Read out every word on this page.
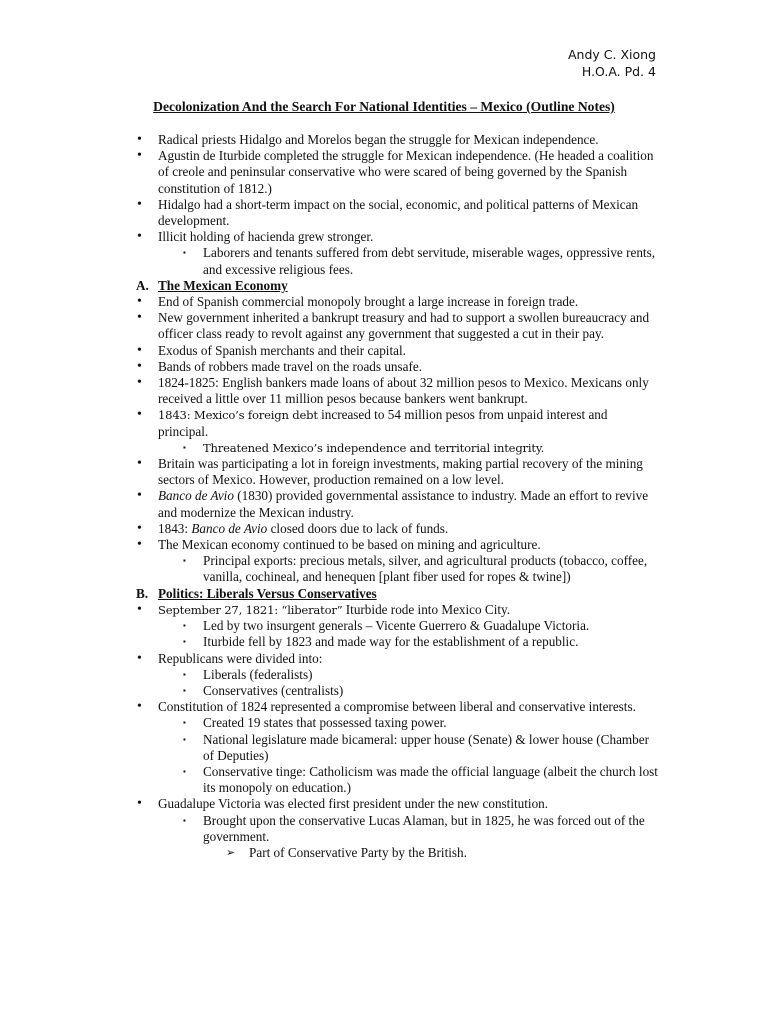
Andy C. Xiong
H.O.A. Pd. 4
Decolonization And the Search For National Identities – Mexico (Outline Notes)
• Radical priests Hidalgo and Morelos began the struggle for Mexican independence.
• Agustin de Iturbide completed the struggle for Mexican independence. (He headed a coalition of creole and peninsular conservative who were scared of being governed by the Spanish constitution of 1812.)
• Hidalgo had a short-term impact on the social, economic, and political patterns of Mexican development.
• Illicit holding of hacienda grew stronger.
▪ Laborers and tenants suffered from debt servitude, miserable wages, oppressive rents, and excessive religious fees.
A. The Mexican Economy
• End of Spanish commercial monopoly brought a large increase in foreign trade.
• New government inherited a bankrupt treasury and had to support a swollen bureaucracy and officer class ready to revolt against any government that suggested a cut in their pay.
• Exodus of Spanish merchants and their capital.
• Bands of robbers made travel on the roads unsafe.
• 1824-1825: English bankers made loans of about 32 million pesos to Mexico. Mexicans only received a little over 11 million pesos because bankers went bankrupt.
• 1843: Mexico’s foreign debt increased to 54 million pesos from unpaid interest and principal.
▪ Threatened Mexico’s independence and territorial integrity.
• Britain was participating a lot in foreign investments, making partial recovery of the mining sectors of Mexico. However, production remained on a low level.
• Banco de Avio (1830) provided governmental assistance to industry. Made an effort to revive and modernize the Mexican industry.
• 1843: Banco de Avio closed doors due to lack of funds.
• The Mexican economy continued to be based on mining and agriculture.
▪ Principal exports: precious metals, silver, and agricultural products (tobacco, coffee, vanilla, cochineal, and henequen [plant fiber used for ropes & twine])
B. Politics: Liberals Versus Conservatives
• September 27, 1821: “liberator” Iturbide rode into Mexico City.
▪ Led by two insurgent generals – Vicente Guerrero & Guadalupe Victoria.
▪ Iturbide fell by 1823 and made way for the establishment of a republic.
• Republicans were divided into:
▪ Liberals (federalists)
▪ Conservatives (centralists)
• Constitution of 1824 represented a compromise between liberal and conservative interests.
▪ Created 19 states that possessed taxing power.
▪ National legislature made bicameral: upper house (Senate) & lower house (Chamber of Deputies)
▪ Conservative tinge: Catholicism was made the official language (albeit the church lost its monopoly on education.)
• Guadalupe Victoria was elected first president under the new constitution.
▪ Brought upon the conservative Lucas Alaman, but in 1825, he was forced out of the government.
➢ Part of Conservative Party by the British.
